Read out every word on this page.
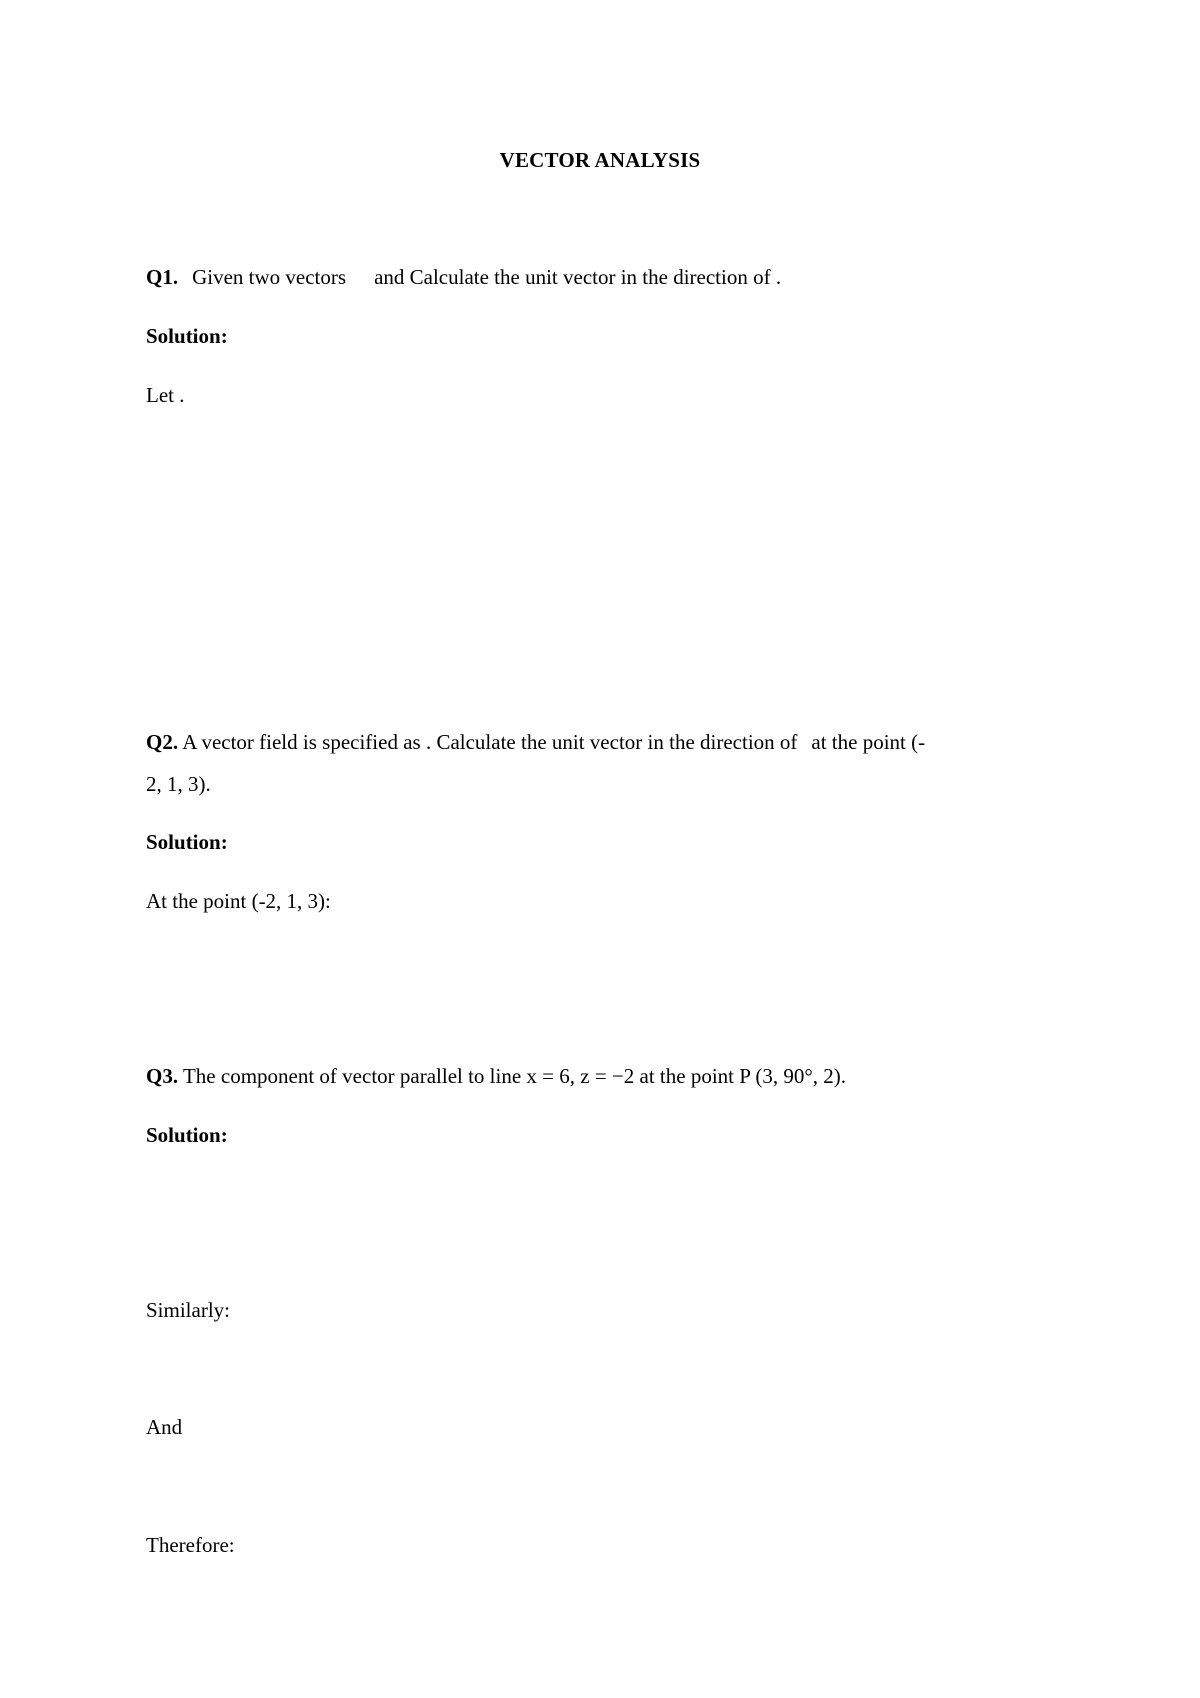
VECTOR ANALYSIS
Q1. Given two vectors and Calculate the unit vector in the direction of .
Solution:
Let .
Q2. A vector field is specified as . Calculate the unit vector in the direction of at the point (-
2, 1, 3).
Solution:
At the point (-2, 1, 3):
Q3. The component of vector parallel to line x = 6, z = −2 at the point P (3, 90°, 2).
Solution:
Similarly:
And
Therefore:
